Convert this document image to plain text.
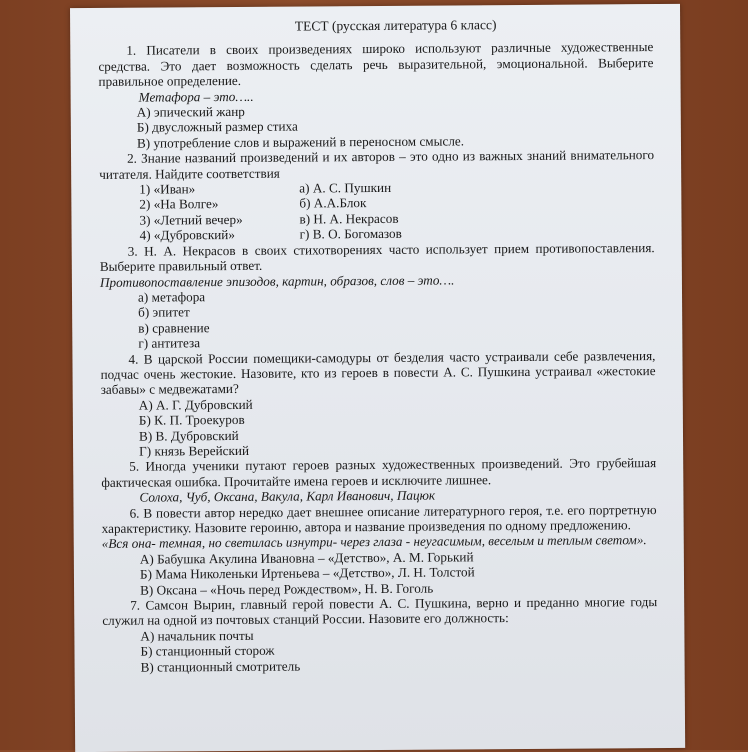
ТЕСТ (русская литература 6 класс)
1. Писатели в своих произведениях широко используют различные художественные средства. Это дает возможность сделать речь выразительной, эмоциональной. Выберите правильное определение.
Метафора – это…..
А) эпический жанр
Б) двусложный размер стиха
В) употребление слов и выражений в переносном смысле.
2. Знание названий произведений и их авторов – это одно из важных знаний внимательного читателя. Найдите соответствия
1) «Иван»	а) А. С. Пушкин
2) «На Волге»	б) А.А.Блок
3) «Летний вечер»	в) Н. А. Некрасов
4) «Дубровский»	г) В. О. Богомазов
3. Н. А. Некрасов в своих стихотворениях часто использует прием противопоставления. Выберите правильный ответ.
Противопоставление эпизодов, картин, образов, слов – это….
а) метафора
б) эпитет
в) сравнение
г) антитеза
4. В царской России помещики-самодуры от безделия часто устраивали себе развлечения, подчас очень жестокие. Назовите, кто из героев в повести А. С. Пушкина устраивал «жестокие забавы» с медвежатами?
А) А. Г. Дубровский
Б) К. П. Троекуров
В) В. Дубровский
Г) князь Верейский
5. Иногда ученики путают героев разных художественных произведений. Это грубейшая фактическая ошибка. Прочитайте имена героев и исключите лишнее.
Солоха, Чуб, Оксана, Вакула, Карл Иванович, Пацюк
6. В повести автор нередко дает внешнее описание литературного героя, т.е. его портретную характеристику. Назовите героиню, автора и название произведения по одному предложению.
«Вся она- темная, но светилась изнутри- через глаза - неугасимым, веселым и теплым светом».
А) Бабушка Акулина Ивановна – «Детство», А. М. Горький
Б) Мама Николеньки Иртеньева – «Детство», Л. Н. Толстой
В) Оксана – «Ночь перед Рождеством», Н. В. Гоголь
7. Самсон Вырин, главный герой повести А. С. Пушкина, верно и преданно многие годы служил на одной из почтовых станций России. Назовите его должность:
А) начальник почты
Б) станционный сторож
В) станционный смотритель
